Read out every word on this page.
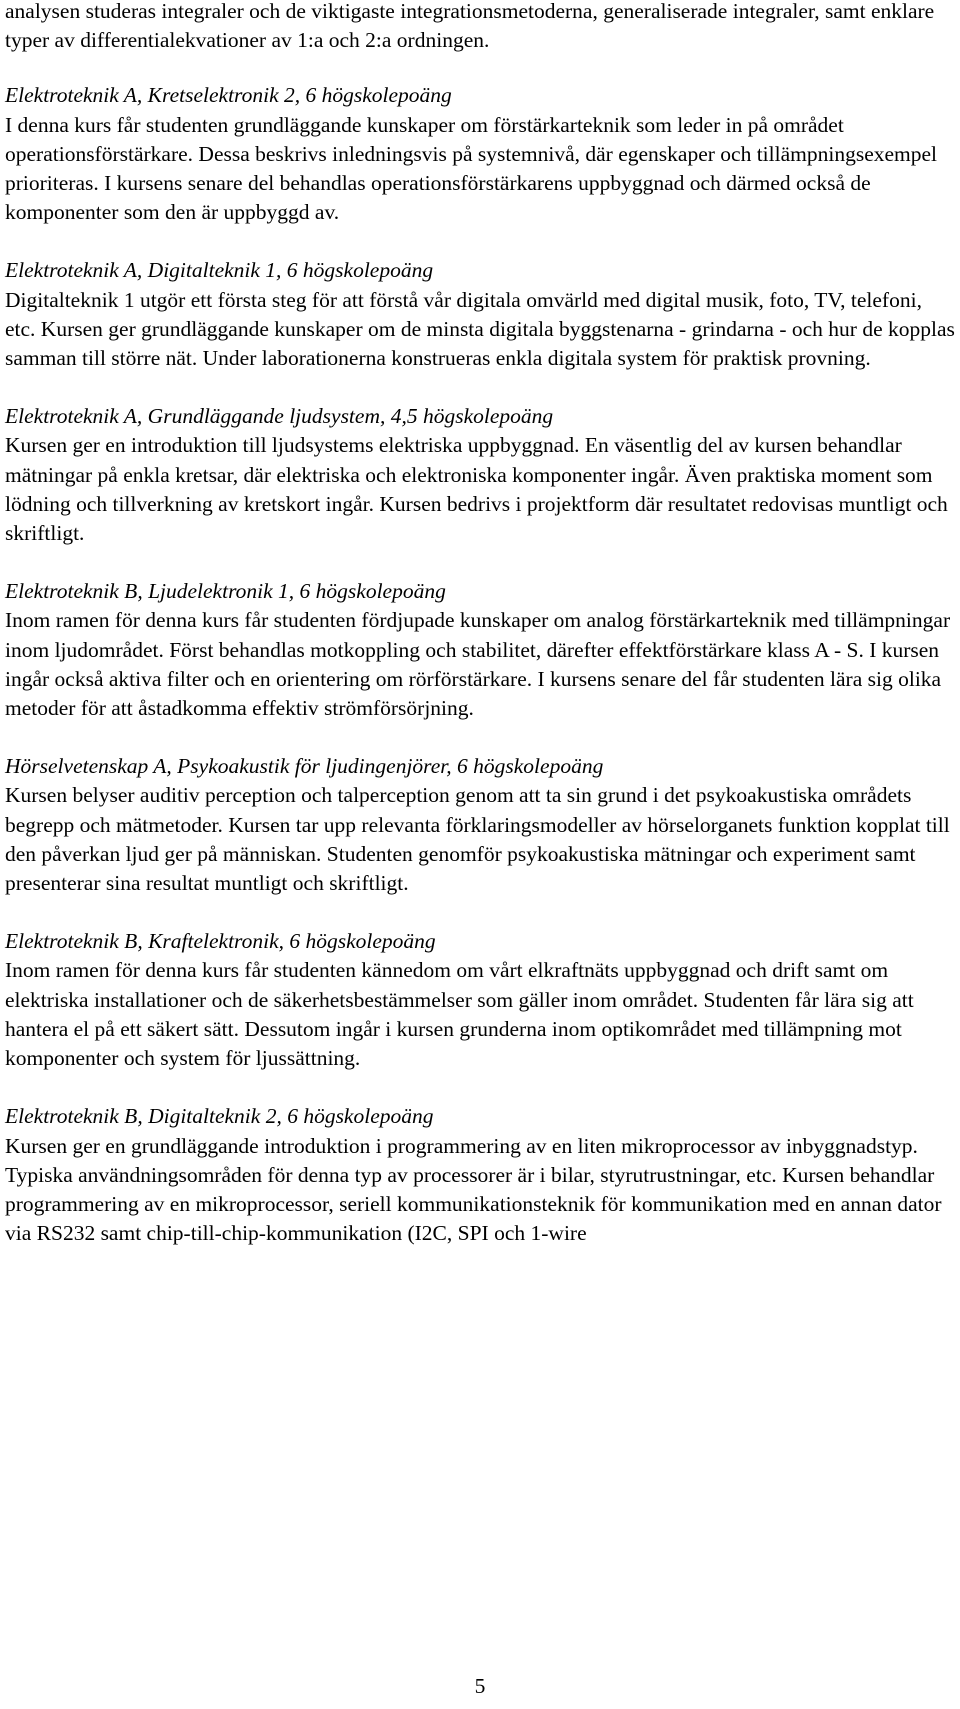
analysen studeras integraler och de viktigaste integrationsmetoderna, generaliserade integraler, samt enklare typer av differentialekvationer av 1:a och 2:a ordningen.

Elektroteknik A, Kretselektronik 2, 6 högskolepoäng

I denna kurs får studenten grundläggande kunskaper om förstärkarteknik som leder in på området operationsförstärkare. Dessa beskrivs inledningsvis på systemnivå, där egenskaper och tillämpningsexempel prioriteras. I kursens senare del behandlas operationsförstärkarens uppbyggnad och därmed också de komponenter som den är uppbyggd av.

Elektroteknik A, Digitalteknik 1, 6 högskolepoäng

Digitalteknik 1 utgör ett första steg för att förstå vår digitala omvärld med digital musik, foto, TV, telefoni, etc. Kursen ger grundläggande kunskaper om de minsta digitala byggstenarna - grindarna - och hur de kopplas samman till större nät. Under laborationerna konstrueras enkla digitala system för praktisk provning.

Elektroteknik A, Grundläggande ljudsystem, 4,5 högskolepoäng

Kursen ger en introduktion till ljudsystems elektriska uppbyggnad. En väsentlig del av kursen behandlar mätningar på enkla kretsar, där elektriska och elektroniska komponenter ingår. Även praktiska moment som lödning och tillverkning av kretskort ingår. Kursen bedrivs i projektform där resultatet redovisas muntligt och skriftligt.

Elektroteknik B, Ljudelektronik 1, 6 högskolepoäng

Inom ramen för denna kurs får studenten fördjupade kunskaper om analog förstärkarteknik med tillämpningar inom ljudområdet. Först behandlas motkoppling och stabilitet, därefter effektförstärkare klass A - S. I kursen ingår också aktiva filter och en orientering om rörförstärkare. I kursens senare del får studenten lära sig olika metoder för att åstadkomma effektiv strömförsörjning.

Hörselvetenskap A, Psykoakustik för ljudingenjörer, 6 högskolepoäng

Kursen belyser auditiv perception och talperception genom att ta sin grund i det psykoakustiska områdets begrepp och mätmetoder. Kursen tar upp relevanta förklaringsmodeller av hörselorganets funktion kopplat till den påverkan ljud ger på människan. Studenten genomför psykoakustiska mätningar och experiment samt presenterar sina resultat muntligt och skriftligt.

Elektroteknik B, Kraftelektronik, 6 högskolepoäng

Inom ramen för denna kurs får studenten kännedom om vårt elkraftnäts uppbyggnad och drift samt om elektriska installationer och de säkerhetsbestämmelser som gäller inom området. Studenten får lära sig att hantera el på ett säkert sätt. Dessutom ingår i kursen grunderna inom optikområdet med tillämpning mot komponenter och system för ljussättning.

Elektroteknik B, Digitalteknik 2, 6 högskolepoäng

Kursen ger en grundläggande introduktion i programmering av en liten mikroprocessor av inbyggnadstyp. Typiska användningsområden för denna typ av processorer är i bilar, styrutrustningar, etc. Kursen behandlar programmering av en mikroprocessor, seriell kommunikationsteknik för kommunikation med en annan dator via RS232 samt chip-till-chip-kommunikation (I2C, SPI och 1-wire

5
